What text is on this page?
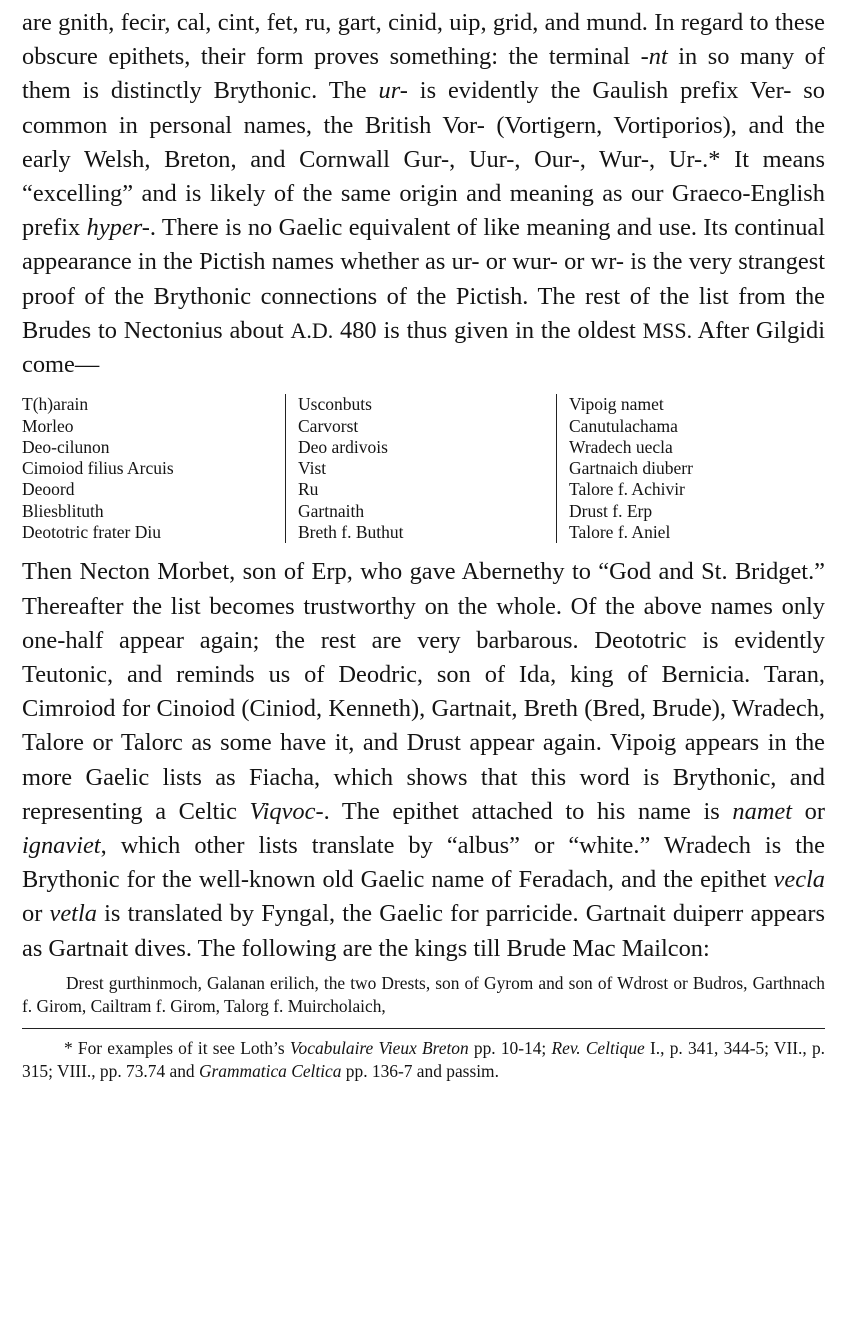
are gnith, fecir, cal, cint, fet, ru, gart, cinid, uip, grid, and mund. In regard to these obscure epithets, their form proves something: the terminal -nt in so many of them is distinctly Brythonic. The ur- is evidently the Gaulish prefix Ver- so common in personal names, the British Vor- (Vortigern, Vortiporios), and the early Welsh, Breton, and Cornwall Gur-, Uur-, Our-, Wur-, Ur-.* It means “excelling” and is likely of the same origin and meaning as our Graeco-English prefix hyper-. There is no Gaelic equivalent of like meaning and use. Its continual appearance in the Pictish names whether as ur- or wur- or wr- is the very strangest proof of the Brythonic connections of the Pictish. The rest of the list from the Brudes to Nectonius about A.D. 480 is thus given in the oldest MSS. After Gilgidi come—

T(h)arain
Morleo
Deo-cilunon
Cimoiod filius Arcuis
Deoord
Bliesblituth
Deototric frater Diu
Usconbuts
Carvorst
Deo ardivois
Vist
Ru
Gartnaith
Breth f. Buthut
Vipoig namet
Canutulachama
Wradech uecla
Gartnaich diuberr
Talore f. Achivir
Drust f. Erp
Talore f. Aniel

Then Necton Morbet, son of Erp, who gave Abernethy to “God and St. Bridget.” Thereafter the list becomes trustworthy on the whole. Of the above names only one-half appear again; the rest are very barbarous. Deototric is evidently Teutonic, and reminds us of Deodric, son of Ida, king of Bernicia. Taran, Cimroiod for Cinoiod (Ciniod, Kenneth), Gartnait, Breth (Bred, Brude), Wradech, Talore or Talorc as some have it, and Drust appear again. Vipoig appears in the more Gaelic lists as Fiacha, which shows that this word is Brythonic, and representing a Celtic Viqvoc-. The epithet attached to his name is namet or ignaviet, which other lists translate by “albus” or “white.” Wradech is the Brythonic for the well-known old Gaelic name of Feradach, and the epithet vecla or vetla is translated by Fyngal, the Gaelic for parricide. Gartnait duiperr appears as Gartnait dives. The following are the kings till Brude Mac Mailcon:

Drest gurthinmoch, Galanan erilich, the two Drests, son of Gyrom and son of Wdrost or Budros, Garthnach f. Girom, Cailtram f. Girom, Talorg f. Muircholaich,

* For examples of it see Loth’s Vocabulaire Vieux Breton pp. 10-14; Rev. Celtique I., p. 341, 344-5; VII., p. 315; VIII., pp. 73.74 and Grammatica Celtica pp. 136-7 and passim.
